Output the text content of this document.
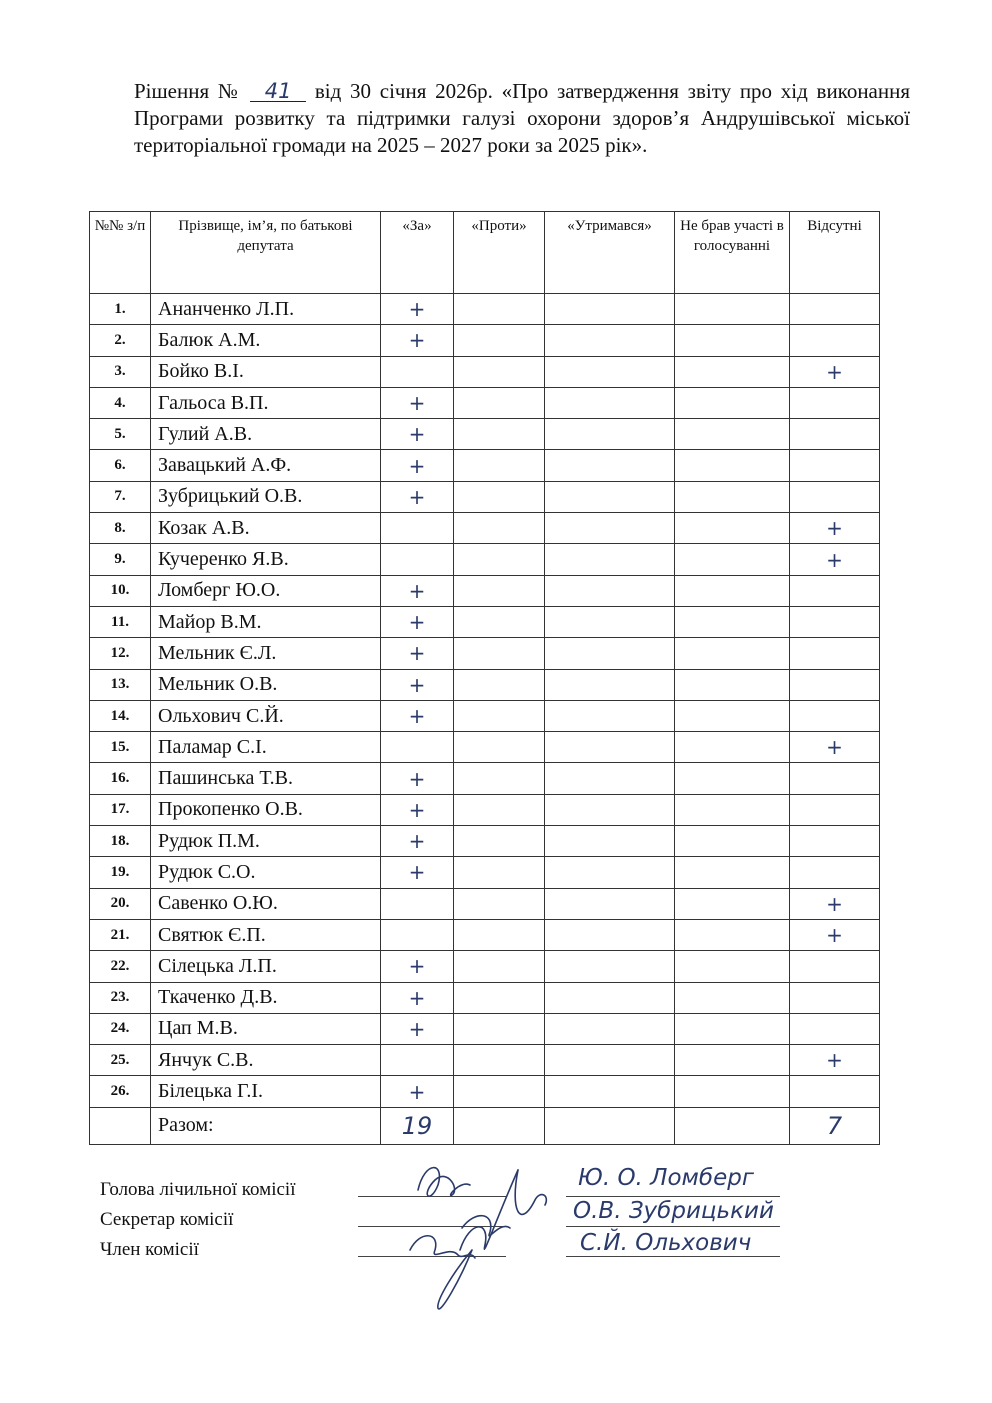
Рішення № 41 від 30 січня 2026р. «Про затвердження звіту про хід виконання Програми розвитку та підтримки галузі охорони здоров’я Андрушівської міської територіальної громади на 2025 – 2027 роки за 2025 рік».
№№ з/п	Прізвище, ім’я, по батькові депутата	«За»	«Проти»	«Утримався»	Не брав участі в голосуванні	Відсутні
1.	Ананченко Л.П.	+				
2.	Балюк А.М.	+				
3.	Бойко В.І.					+
4.	Гальоса В.П.	+				
5.	Гулий А.В.	+				
6.	Завацький А.Ф.	+				
7.	Зубрицький О.В.	+				
8.	Козак А.В.					+
9.	Кучеренко Я.В.					+
10.	Ломберг Ю.О.	+				
11.	Майор В.М.	+				
12.	Мельник Є.Л.	+				
13.	Мельник О.В.	+				
14.	Ольхович С.Й.	+				
15.	Паламар С.І.					+
16.	Пашинська Т.В.	+				
17.	Прокопенко О.В.	+				
18.	Рудюк П.М.	+				
19.	Рудюк С.О.	+				
20.	Савенко О.Ю.					+
21.	Святюк Є.П.					+
22.	Сілецька Л.П.	+				
23.	Ткаченко Д.В.	+				
24.	Цап М.В.	+				
25.	Янчук С.В.					+
26.	Білецька Г.І.	+				
	Разом:	19				7
Голова лічильної комісії
Секретар комісії
Член комісії
Ю. О. Ломберг
О.В. Зубрицький
С.Й. Ольхович
